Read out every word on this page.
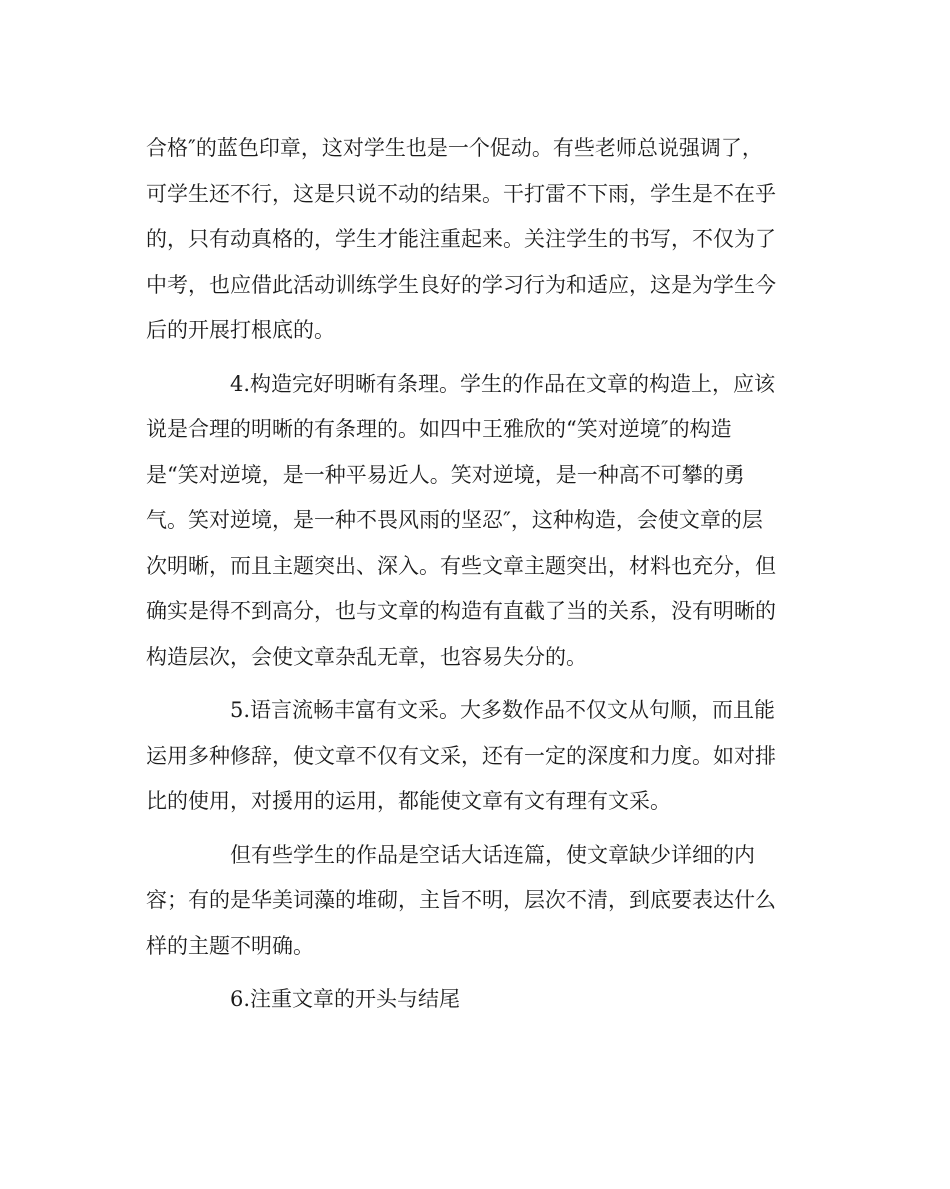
合格″的蓝色印章，这对学生也是一个促动。有些老师总说强调了，
可学生还不行，这是只说不动的结果。干打雷不下雨，学生是不在乎
的，只有动真格的，学生才能注重起来。关注学生的书写，不仅为了
中考，也应借此活动训练学生良好的学习行为和适应，这是为学生今
后的开展打根底的。
4.构造完好明晰有条理。学生的作品在文章的构造上，应该
说是合理的明晰的有条理的。如四中王雅欣的“笑对逆境″的构造
是“笑对逆境，是一种平易近人。笑对逆境，是一种高不可攀的勇
气。笑对逆境，是一种不畏风雨的坚忍″，这种构造，会使文章的层
次明晰，而且主题突出、深入。有些文章主题突出，材料也充分，但
确实是得不到高分，也与文章的构造有直截了当的关系，没有明晰的
构造层次，会使文章杂乱无章，也容易失分的。
5.语言流畅丰富有文采。大多数作品不仅文从句顺，而且能
运用多种修辞，使文章不仅有文采，还有一定的深度和力度。如对排
比的使用，对援用的运用，都能使文章有文有理有文采。
但有些学生的作品是空话大话连篇，使文章缺少详细的内
容；有的是华美词藻的堆砌，主旨不明，层次不清，到底要表达什么
样的主题不明确。
6.注重文章的开头与结尾
